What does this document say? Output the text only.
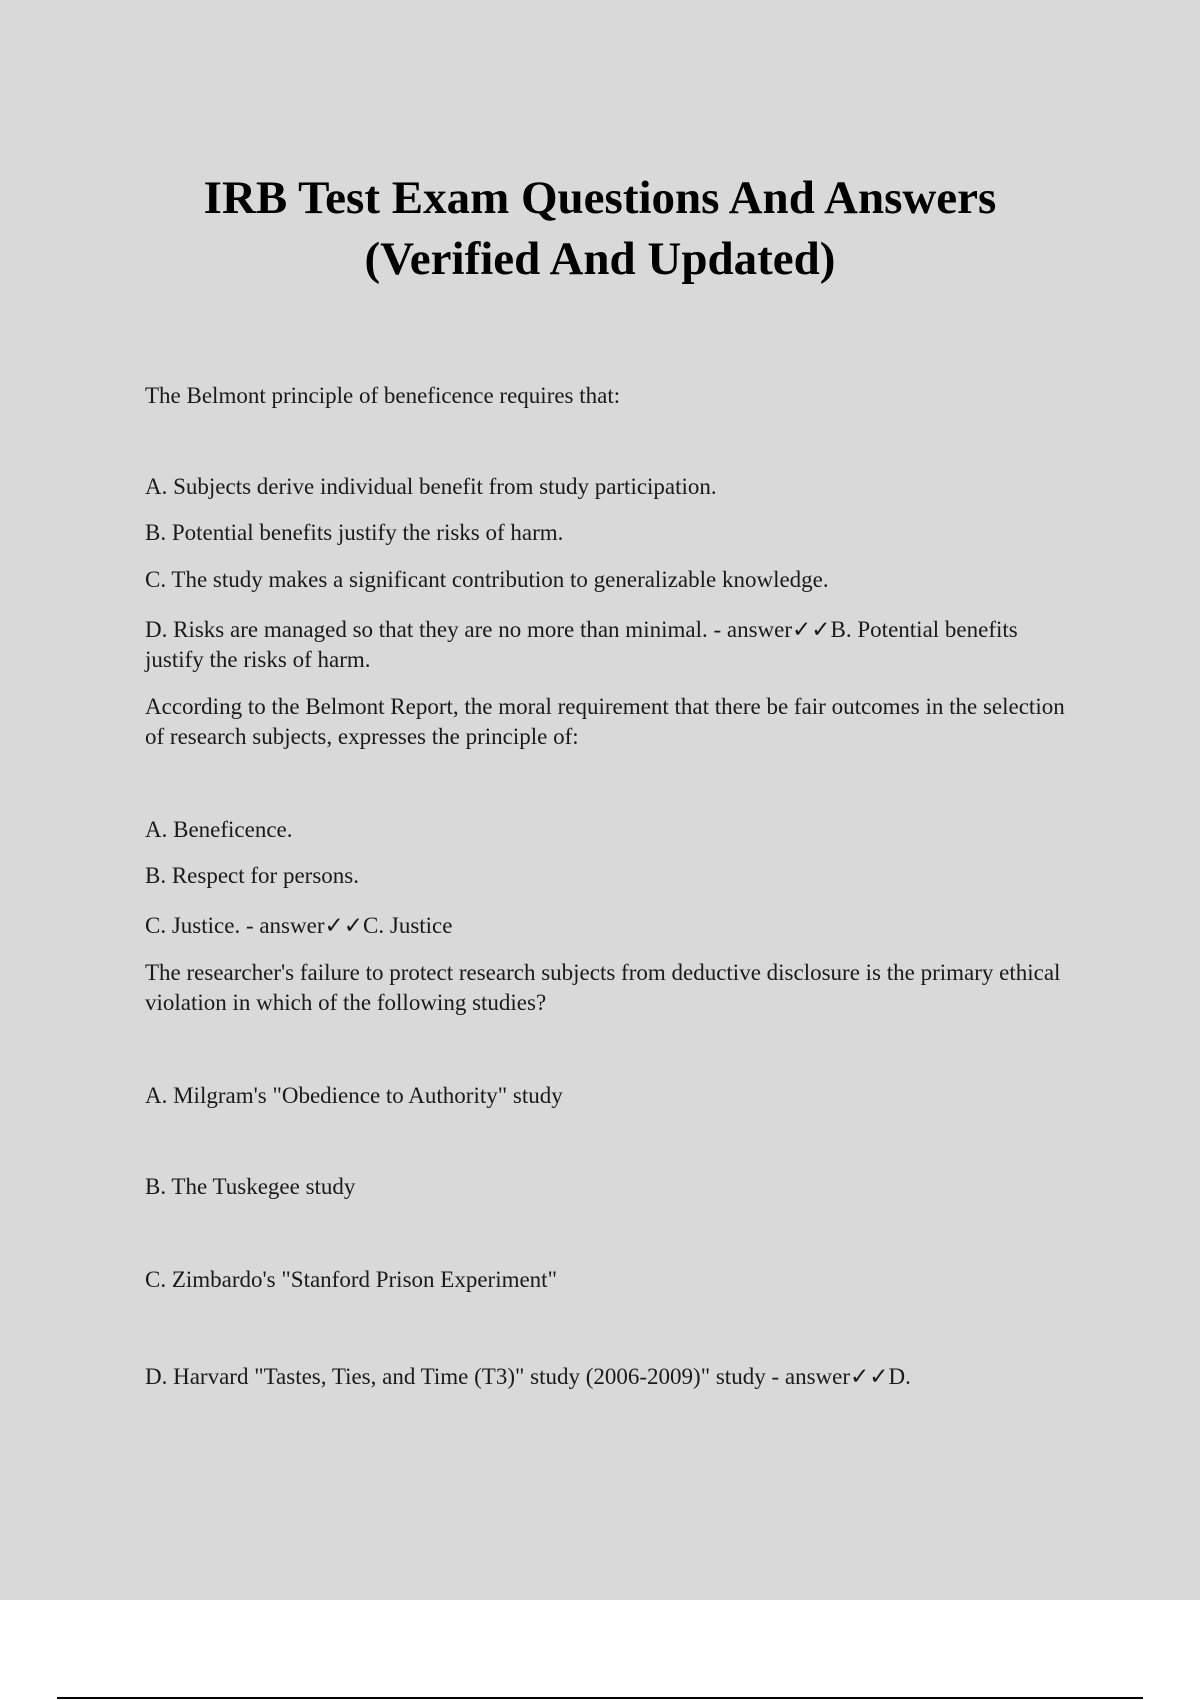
IRB Test Exam Questions And Answers
(Verified And Updated)

The Belmont principle of beneficence requires that:

A. Subjects derive individual benefit from study participation.

B. Potential benefits justify the risks of harm.

C. The study makes a significant contribution to generalizable knowledge.

D. Risks are managed so that they are no more than minimal. - answer✓✓B. Potential benefits justify the risks of harm.

According to the Belmont Report, the moral requirement that there be fair outcomes in the selection of research subjects, expresses the principle of:

A. Beneficence.

B. Respect for persons.

C. Justice. - answer✓✓C. Justice

The researcher's failure to protect research subjects from deductive disclosure is the primary ethical violation in which of the following studies?

A. Milgram's "Obedience to Authority" study

B. The Tuskegee study

C. Zimbardo's "Stanford Prison Experiment"

D. Harvard "Tastes, Ties, and Time (T3)" study (2006-2009)" study - answer✓✓D.
